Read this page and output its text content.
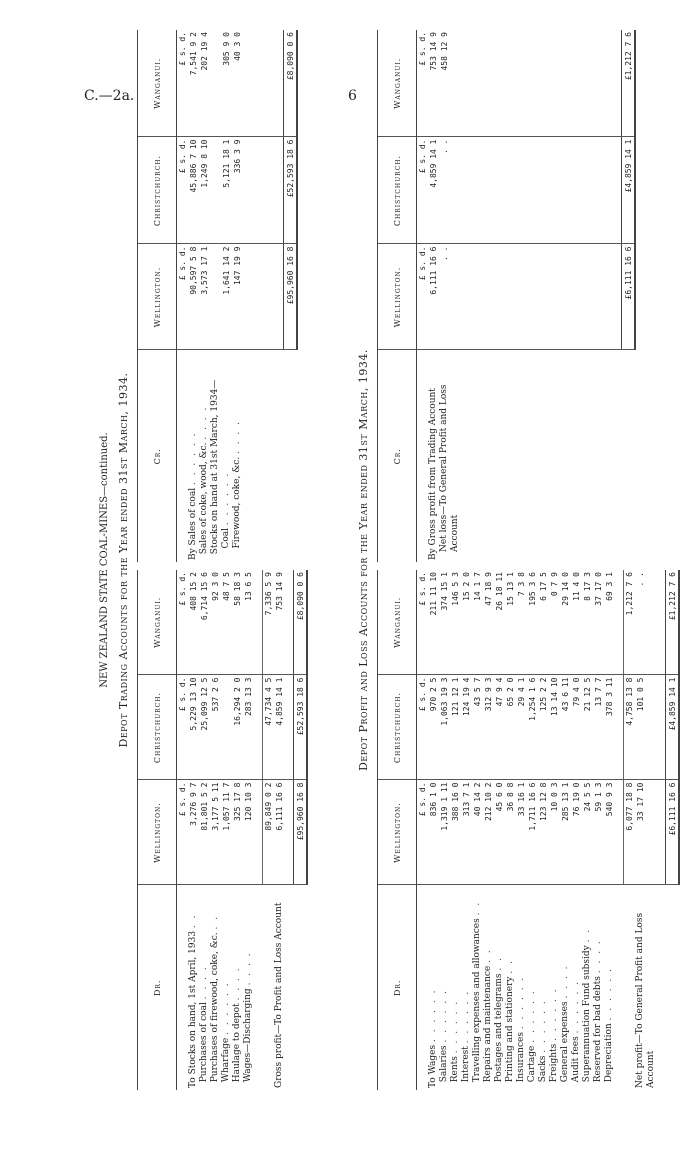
C.—2a.	6
NEW ZEALAND STATE COAL-MINES—continued. Depot Trading Accounts for the Year ended 31st March, 1934.
Dr.	Wellington.	Christchurch.	Wanganui.
	£ s. d.	£ s. d.	£ s. d.
To Stocks on hand, 1st April, 1933 . .	3,276 9 7	5,229 13 10	408 15 2
Purchases of coal . . . .	81,801 5 2	25,099 12 5	6,714 15 6
Purchases of firewood, coke, &c. . .	3,177 5 11	537 2 6	92 3 0
Wharfage . . . . . .	1,057 11 7		48 7 5
Haulage to depot . . . .	325 17 8	16,294 2 0	58 18 3
Wages—Discharging . . . .	120 10 3	283 13 3	13 6 5

	89,849 0 2	47,734 4 5	7,336 5 9
Gross profit—To Profit and Loss Account	6,111 16 6	4,859 14 1	753 14 9

	£95,960 16 8	£52,593 18 6	£8,090 0 6
Cr.	Wellington.	Christchurch.	Wanganui.
	£ s. d.	£ s. d.	£ s. d.
By Sales of coal . . . . . .	90,597 5 8	45,886 7 10	7,541 9 2
Sales of coke, wood, &c. . . . .	3,573 17 1	1,249 8 10	202 19 4
Stocks on hand at 31st March, 1934—			
Coal . . . . . .	1,641 14 2	5,121 18 1	305 9 0
Firewood, coke, &c. . . . .	147 19 9	336 3 9	40 3 0

	£95,960 16 8	£52,593 18 6	£8,090 0 6
Depot Profit and Loss Accounts for the Year ended 31st March, 1934.
Dr.	Wellington.	Christchurch.	Wanganui.
	£ s. d.	£ s. d.	£ s. d.
To Wages . . . . . .	836 1 0	970 2 5	211 11 10
Salaries . . . . . .	1,319 1 11	1,063 19 3	374 15 1
Rents . . . . . .	388 16 0	121 12 1	146 5 3
Interest . . . . . .	313 7 1	124 19 4	15 2 0
Travelling expenses and allowances . .	40 14 2	43 5 7	14 1 7
Repairs and maintenance . .	212 10 2	312 9 3	47 18 9
Postages and telegrams . .	45 6 0	47 9 4	26 18 11
Printing and stationery . .	36 8 8	65 2 0	15 13 1
Insurances . . . . . .	33 16 1	29 4 1	7 3 8
Cartage . . . . . .	1,711 16 6	1,254 1 6	195 3 6
Sacks . . . . . .	123 12 8	125 2 2	6 17 5
Freights . . . . . .	10 0 3	13 14 10	0 7 9
General expenses . . . .	285 13 1	43 6 11	29 14 0
Audit fees . . . . . .	76 19 0	79 4 0	11 4 0
Superannuation Fund subsidy . .	24 5 5	21 12 5	8 17 3
Reserved for bad debts . . . .	59 1 3	13 7 7	37 17 0
Depreciation . . . . . .	540 9 3	378 3 11	69 3 1

	6,077 18 8	4,758 13 8	1,212 7 6
Net profit—To General Profit and Loss Account	33 17 10	101 0 5	. .

	£6,111 16 6	£4,859 14 1	£1,212 7 6
Cr.	Wellington.	Christchurch.	Wanganui.
	£ s. d.	£ s. d.	£ s. d.
By Gross profit from Trading Account	6,111 16 6	4,859 14 1	753 14 9
Net loss—To General Profit and Loss Account	. .	. .	458 12 9

	£6,111 16 6	£4,859 14 1	£1,212 7 6
